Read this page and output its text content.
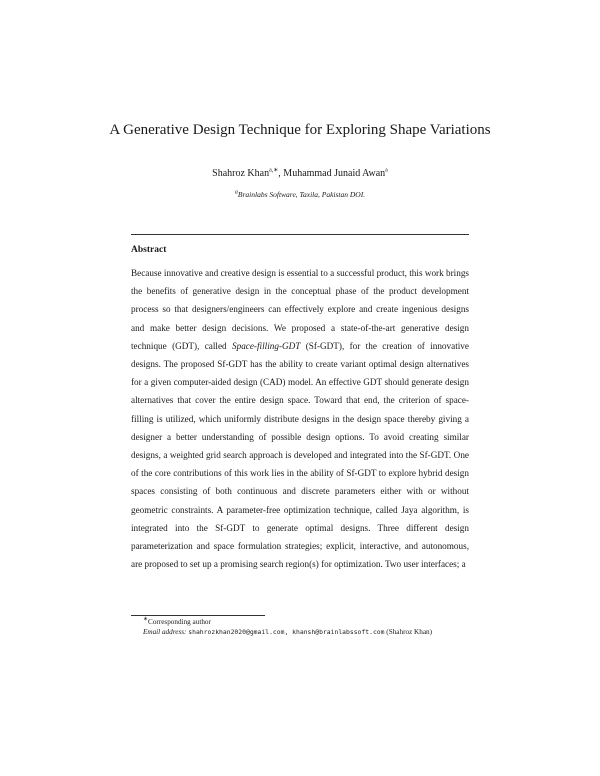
A Generative Design Technique for Exploring Shape Variations
Shahroz Khan$^{a,∗}$, Muhammad Junaid Awan$^a$
$^a$Brainlabs Software, Taxila, Pakistan DOI.
Abstract
Because innovative and creative design is essential to a successful product, this work brings the benefits of generative design in the conceptual phase of the product development process so that designers/engineers can effectively explore and create ingenious designs and make better design decisions. We proposed a state-of-the-art generative design technique (GDT), called Space-filling-GDT (Sf-GDT), for the creation of innovative designs. The proposed Sf-GDT has the ability to create variant optimal design alternatives for a given computer-aided design (CAD) model. An effective GDT should generate design alternatives that cover the entire design space. Toward that end, the criterion of space-filling is utilized, which uniformly distribute designs in the design space thereby giving a designer a better understanding of possible design options. To avoid creating similar designs, a weighted grid search approach is developed and integrated into the Sf-GDT. One of the core contributions of this work lies in the ability of Sf-GDT to explore hybrid design spaces consisting of both continuous and discrete parameters either with or without geometric constraints. A parameter-free optimization technique, called Jaya algorithm, is integrated into the Sf-GDT to generate optimal designs. Three different design parameterization and space formulation strategies; explicit, interactive, and autonomous, are proposed to set up a promising search region(s) for optimization. Two user interfaces; a
∗Corresponding author
Email address: shahrozkhan2020@gmail.com, khansh@brainlabssoft.com (Shahroz Khan)
